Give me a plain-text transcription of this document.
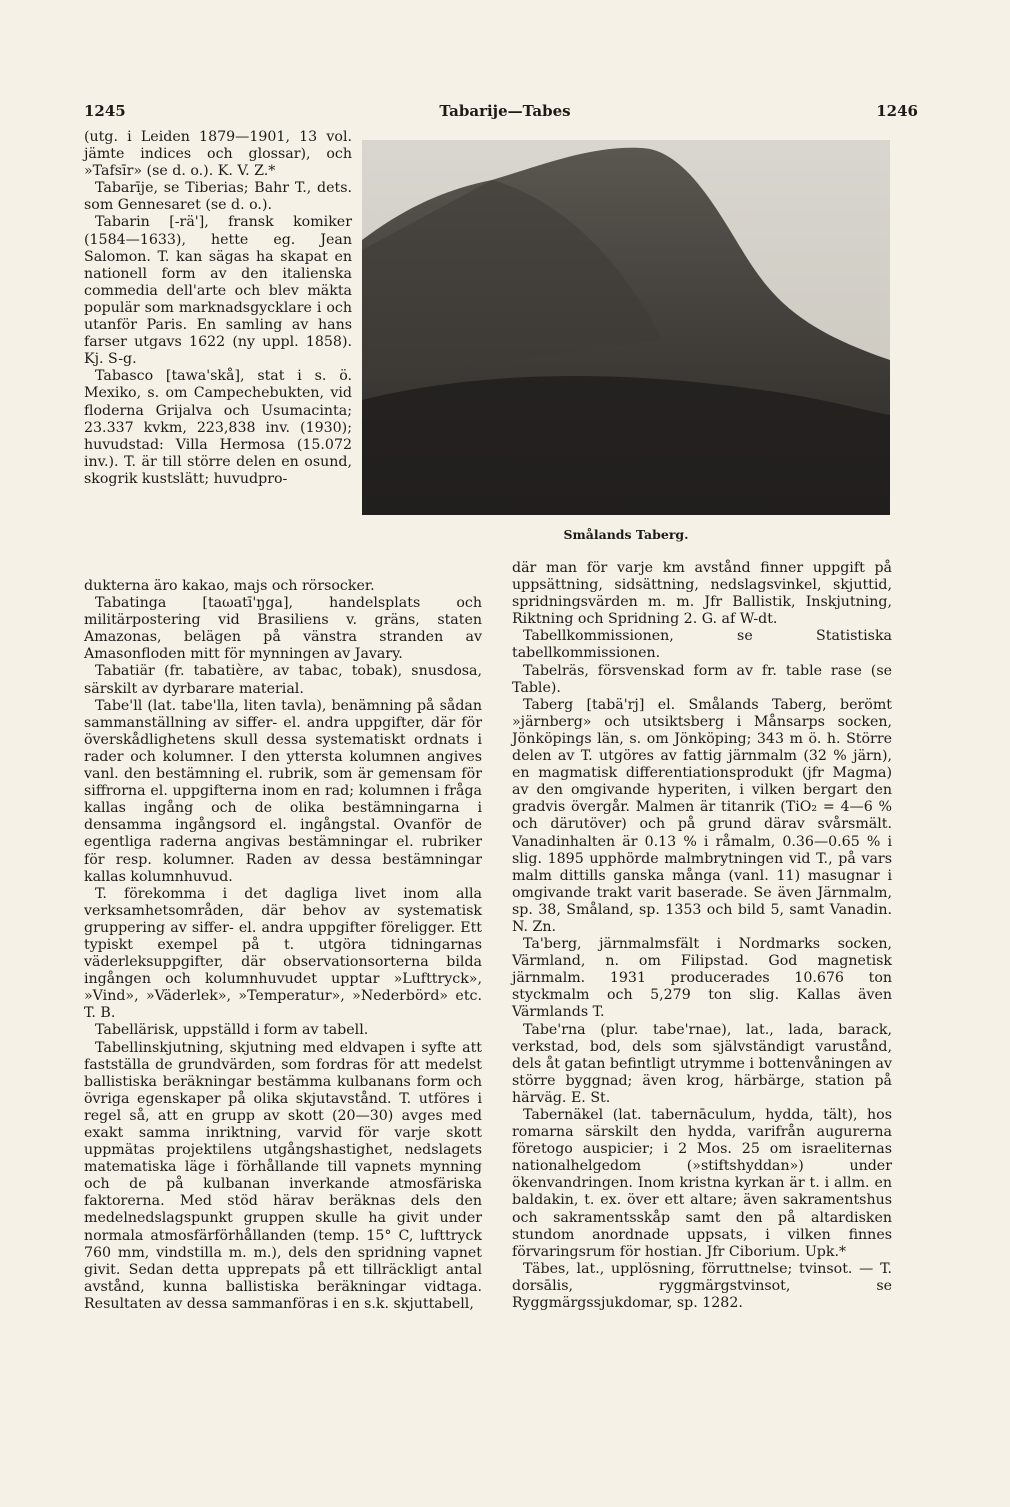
1245	Tabarije—Tabes	1246

(utg. i Leiden 1879—1901, 13 vol. jämte indices och glossar), och »Tafsīr» (se d. o.). K. V. Z.*

Tabarīje, se Tiberias; Bahr T., dets. som Gennesaret (se d. o.).

Tabarin [-rä'], fransk komiker (1584—1633), hette eg. Jean Salomon. T. kan sägas ha skapat en nationell form av den italienska commedia dell'arte och blev mäkta populär som marknadsgycklare i och utanför Paris. En samling av hans farser utgavs 1622 (ny uppl. 1858). Kj. S-g.

Tabasco [tawa'skå], stat i s. ö. Mexiko, s. om Campechebukten, vid floderna Grijalva och Usumacinta; 23.337 kvkm, 223,838 inv. (1930); huvudstad: Villa Hermosa (15.072 inv.). T. är till större delen en osund, skogrik kustslätt; huvudpro-

Smålands Taberg.

dukterna äro kakao, majs och rörsocker.

Tabatinga [taωatī'ŋga], handelsplats och militärpostering vid Brasiliens v. gräns, staten Amazonas, belägen på vänstra stranden av Amasonfloden mitt för mynningen av Javary.

Tabatiär (fr. tabatière, av tabac, tobak), snusdosa, särskilt av dyrbarare material.

Tabe'll (lat. tabe'lla, liten tavla), benämning på sådan sammanställning av siffer- el. andra uppgifter, där för överskådlighetens skull dessa systematiskt ordnats i rader och kolumner. I den yttersta kolumnen angives vanl. den bestämning el. rubrik, som är gemensam för siffrorna el. uppgifterna inom en rad; kolumnen i fråga kallas ingång och de olika bestämningarna i densamma ingångsord el. ingångstal. Ovanför de egentliga raderna angivas bestämningar el. rubriker för resp. kolumner. Raden av dessa bestämningar kallas kolumnhuvud.

T. förekomma i det dagliga livet inom alla verksamhetsområden, där behov av systematisk gruppering av siffer- el. andra uppgifter föreligger. Ett typiskt exempel på t. utgöra tidningarnas väderleksuppgifter, där observationsorterna bilda ingången och kolumnhuvudet upptar »Lufttryck», »Vind», »Väderlek», »Temperatur», »Nederbörd» etc. T. B.

Tabellärisk, uppställd i form av tabell.

Tabellinskjutning, skjutning med eldvapen i syfte att fastställa de grundvärden, som fordras för att medelst ballistiska beräkningar bestämma kulbanans form och övriga egenskaper på olika skjutavstånd. T. utföres i regel så, att en grupp av skott (20—30) avges med exakt samma inriktning, varvid för varje skott uppmätas projektilens utgångshastighet, nedslagets matematiska läge i förhållande till vapnets mynning och de på kulbanan inverkande atmosfäriska faktorerna. Med stöd härav beräknas dels den medelnedslagspunkt gruppen skulle ha givit under normala atmosfärförhållanden (temp. 15° C, lufttryck 760 mm, vindstilla m. m.), dels den spridning vapnet givit. Sedan detta upprepats på ett tillräckligt antal avstånd, kunna ballistiska beräkningar vidtaga. Resultaten av dessa sammanföras i en s.k. skjuttabell,

där man för varje km avstånd finner uppgift på uppsättning, sidsättning, nedslagsvinkel, skjuttid, spridningsvärden m. m. Jfr Ballistik, Inskjutning, Riktning och Spridning 2. G. af W-dt.

Tabellkommissionen, se Statistiska tabellkommissionen.

Tabelräs, försvenskad form av fr. table rase (se Table).

Taberg [tabä'rj] el. Smålands Taberg, berömt »järnberg» och utsiktsberg i Månsarps socken, Jönköpings län, s. om Jönköping; 343 m ö. h. Större delen av T. utgöres av fattig järnmalm (32 % järn), en magmatisk differentiationsprodukt (jfr Magma) av den omgivande hyperiten, i vilken bergart den gradvis övergår. Malmen är titanrik (TiO₂ = 4—6 % och därutöver) och på grund därav svårsmält. Vanadinhalten är 0.13 % i råmalm, 0.36—0.65 % i slig. 1895 upphörde malmbrytningen vid T., på vars malm dittills ganska många (vanl. 11) masugnar i omgivande trakt varit baserade. Se även Järnmalm, sp. 38, Småland, sp. 1353 och bild 5, samt Vanadin. N. Zn.

Ta'berg, järnmalmsfält i Nordmarks socken, Värmland, n. om Filipstad. God magnetisk järnmalm. 1931 producerades 10.676 ton styckmalm och 5,279 ton slig. Kallas även Värmlands T.

Tabe'rna (plur. tabe'rnae), lat., lada, barack, verkstad, bod, dels som självständigt varustånd, dels åt gatan befintligt utrymme i bottenvåningen av större byggnad; även krog, härbärge, station på härväg. E. St.

Tabernäkel (lat. tabernāculum, hydda, tält), hos romarna särskilt den hydda, varifrån augurerna företogo auspicier; i 2 Mos. 25 om israeliternas nationalhelgedom (»stiftshyddan») under ökenvandringen. Inom kristna kyrkan är t. i allm. en baldakin, t. ex. över ett altare; även sakramentshus och sakramentsskåp samt den på altardisken stundom anordnade uppsats, i vilken finnes förvaringsrum för hostian. Jfr Ciborium. Upk.*

Täbes, lat., upplösning, förruttnelse; tvinsot. — T. dorsālis, ryggmärgstvinsot, se Ryggmärgssjukdomar, sp. 1282.
